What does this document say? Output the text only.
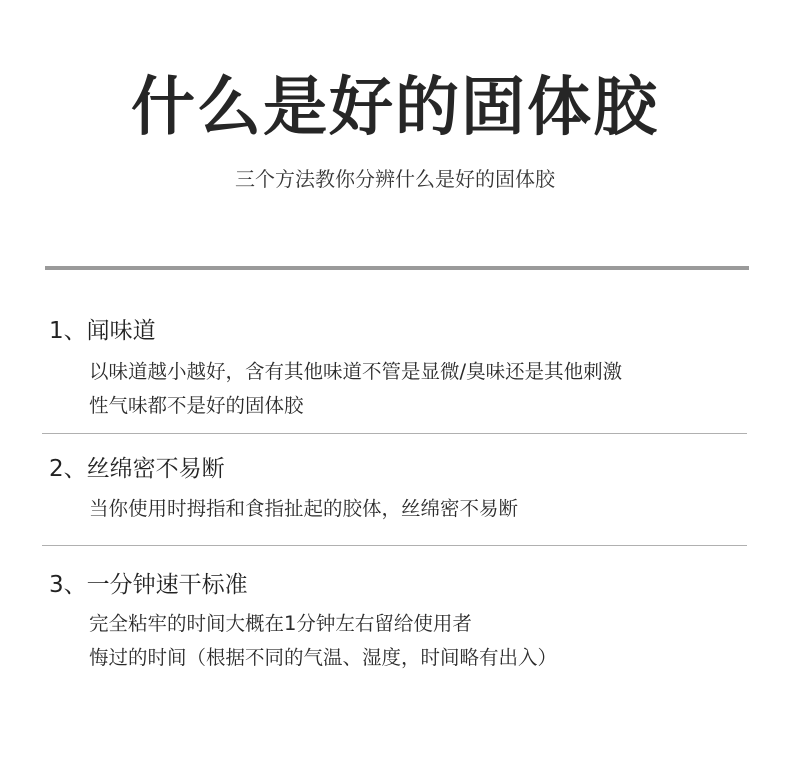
什么是好的固体胶
三个方法教你分辨什么是好的固体胶
1、闻味道
以味道越小越好，含有其他味道不管是显微/臭味还是其他刺激
性气味都不是好的固体胶
2、丝绵密不易断
当你使用时拇指和食指扯起的胶体，丝绵密不易断
3、一分钟速干标准
完全粘牢的时间大概在1分钟左右留给使用者
悔过的时间（根据不同的气温、湿度，时间略有出入）
